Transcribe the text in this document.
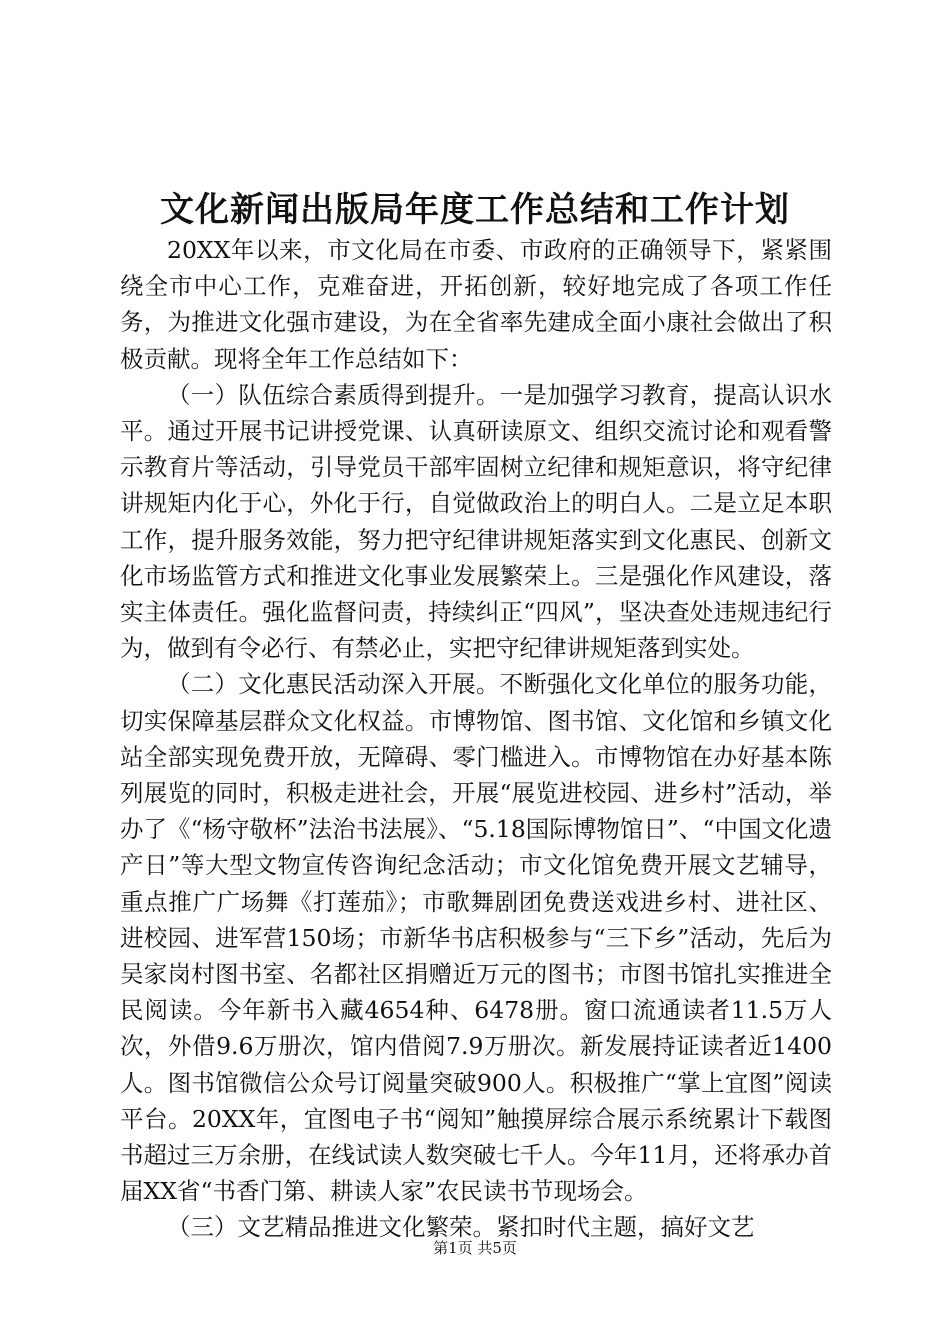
文化新闻出版局年度工作总结和工作计划

20XX年以来，市文化局在市委、市政府的正确领导下，紧紧围绕全市中心工作，克难奋进，开拓创新，较好地完成了各项工作任务，为推进文化强市建设，为在全省率先建成全面小康社会做出了积极贡献。现将全年工作总结如下：

（一）队伍综合素质得到提升。一是加强学习教育，提高认识水平。通过开展书记讲授党课、认真研读原文、组织交流讨论和观看警示教育片等活动，引导党员干部牢固树立纪律和规矩意识，将守纪律讲规矩内化于心，外化于行，自觉做政治上的明白人。二是立足本职工作，提升服务效能，努力把守纪律讲规矩落实到文化惠民、创新文化市场监管方式和推进文化事业发展繁荣上。三是强化作风建设，落实主体责任。强化监督问责，持续纠正“四风”，坚决查处违规违纪行为，做到有令必行、有禁必止，实把守纪律讲规矩落到实处。

（二）文化惠民活动深入开展。不断强化文化单位的服务功能，切实保障基层群众文化权益。市博物馆、图书馆、文化馆和乡镇文化站全部实现免费开放，无障碍、零门槛进入。市博物馆在办好基本陈列展览的同时，积极走进社会，开展“展览进校园、进乡村”活动，举办了《“杨守敬杯”法治书法展》、“5.18国际博物馆日”、“中国文化遗产日”等大型文物宣传咨询纪念活动；市文化馆免费开展文艺辅导，重点推广广场舞《打莲茄》；市歌舞剧团免费送戏进乡村、进社区、进校园、进军营150场；市新华书店积极参与“三下乡”活动，先后为吴家岗村图书室、名都社区捐赠近万元的图书；市图书馆扎实推进全民阅读。今年新书入藏4654种、6478册。窗口流通读者11.5万人次，外借9.6万册次，馆内借阅7.9万册次。新发展持证读者近1400人。图书馆微信公众号订阅量突破900人。积极推广“掌上宜图”阅读平台。20XX年，宜图电子书“阅知”触摸屏综合展示系统累计下载图书超过三万余册，在线试读人数突破七千人。今年11月，还将承办首届XX省“书香门第、耕读人家”农民读书节现场会。

（三）文艺精品推进文化繁荣。紧扣时代主题，搞好文艺

第1页 共5页
